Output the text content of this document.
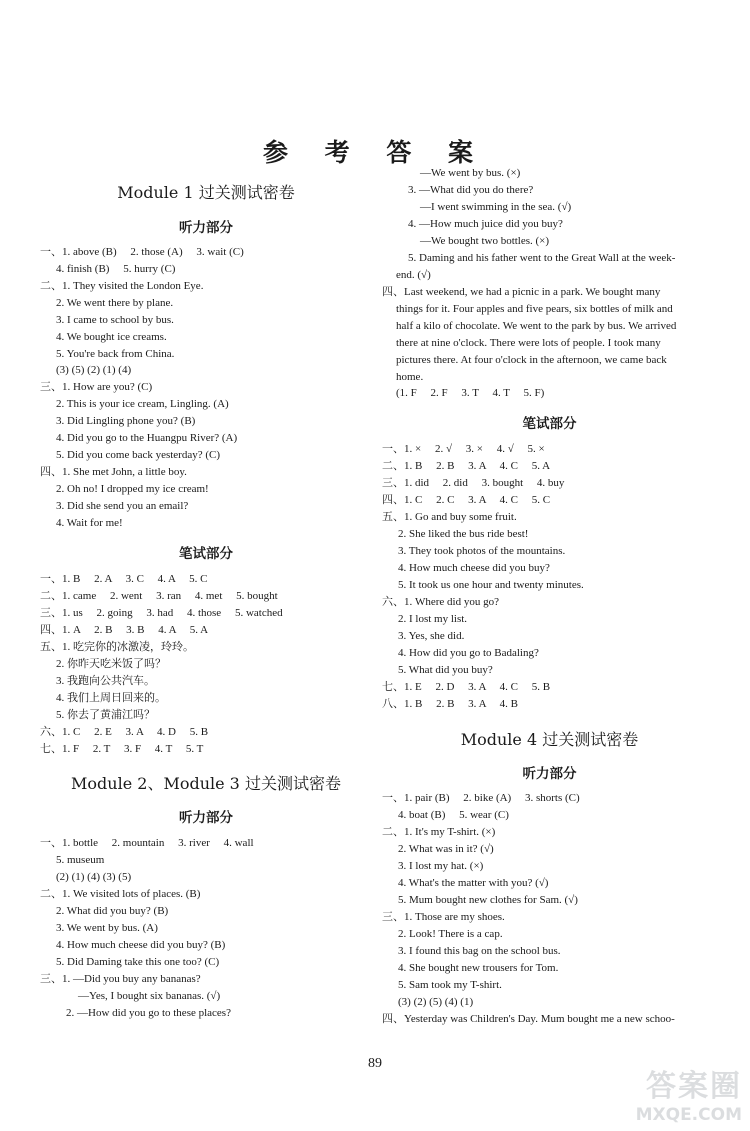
参 考 答 案
Module 1 过关测试密卷
听力部分
一、1. above (B)     2. those (A)     3. wait (C)
4. finish (B)     5. hurry (C)
二、1. They visited the London Eye.
2. We went there by plane.
3. I came to school by bus.
4. We bought ice creams.
5. You're back from China.
(3) (5) (2) (1) (4)
三、1. How are you? (C)
2. This is your ice cream, Lingling. (A)
3. Did Lingling phone you? (B)
4. Did you go to the Huangpu River? (A)
5. Did you come back yesterday? (C)
四、1. She met John, a little boy.
2. Oh no! I dropped my ice cream!
3. Did she send you an email?
4. Wait for me!
笔试部分
一、1. B     2. A     3. C     4. A     5. C
二、1. came     2. went     3. ran     4. met     5. bought
三、1. us     2. going     3. had     4. those     5. watched
四、1. A     2. B     3. B     4. A     5. A
五、1. 吃完你的冰激凌，玲玲。
2. 你昨天吃米饭了吗？
3. 我跑向公共汽车。
4. 我们上周日回来的。
5. 你去了黄浦江吗？
六、1. C     2. E     3. A     4. D     5. B
七、1. F     2. T     3. F     4. T     5. T
Module 2、Module 3 过关测试密卷
听力部分
一、1. bottle     2. mountain     3. river     4. wall
5. museum
(2) (1) (4) (3) (5)
二、1. We visited lots of places. (B)
2. What did you buy? (B)
3. We went by bus. (A)
4. How much cheese did you buy? (B)
5. Did Daming take this one too? (C)
三、1. —Did you buy any bananas?
—Yes, I bought six bananas. (√)
2. —How did you go to these places?
—We went by bus. (×)
3. —What did you do there?
—I went swimming in the sea. (√)
4. —How much juice did you buy?
—We bought two bottles. (×)
5. Daming and his father went to the Great Wall at the week-
end. (√)
四、Last weekend, we had a picnic in a park. We bought many
things for it. Four apples and five pears, six bottles of milk and
half a kilo of chocolate. We went to the park by bus. We arrived
there at nine o'clock. There were lots of people. I took many
pictures there. At four o'clock in the afternoon, we came back
home.
(1. F     2. F     3. T     4. T     5. F)
笔试部分
一、1. ×     2. √     3. ×     4. √     5. ×
二、1. B     2. B     3. A     4. C     5. A
三、1. did     2. did     3. bought     4. buy
四、1. C     2. C     3. A     4. C     5. C
五、1. Go and buy some fruit.
2. She liked the bus ride best!
3. They took photos of the mountains.
4. How much cheese did you buy?
5. It took us one hour and twenty minutes.
六、1. Where did you go?
2. I lost my list.
3. Yes, she did.
4. How did you go to Badaling?
5. What did you buy?
七、1. E     2. D     3. A     4. C     5. B
八、1. B     2. B     3. A     4. B
Module 4 过关测试密卷
听力部分
一、1. pair (B)     2. bike (A)     3. shorts (C)
4. boat (B)     5. wear (C)
二、1. It's my T-shirt. (×)
2. What was in it? (√)
3. I lost my hat. (×)
4. What's the matter with you? (√)
5. Mum bought new clothes for Sam. (√)
三、1. Those are my shoes.
2. Look! There is a cap.
3. I found this bag on the school bus.
4. She bought new trousers for Tom.
5. Sam took my T-shirt.
(3) (2) (5) (4) (1)
四、Yesterday was Children's Day. Mum bought me a new schoo-
89
答案圈
MXQE.COM
